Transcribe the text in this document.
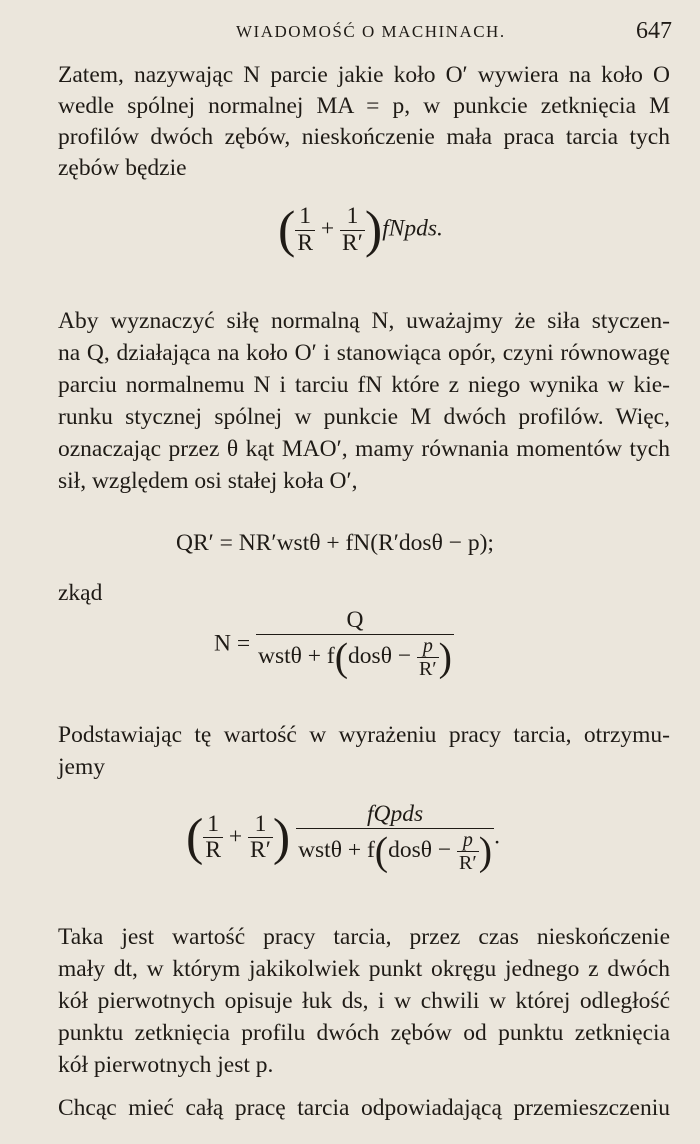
WIADOMOŚĆ O MACHINACH.	647

Zatem, nazywając N parcie jakie koło O′ wywiera na koło O

wedle spólnej normalnej MA = p, w punkcie zetknięcia M

profilów dwóch zębów, nieskończenie mała praca tarcia tych

zębów będzie

( $\frac{1}{R} + \frac{1}{R'}$ )fNpds.

Aby wyznaczyć siłę normalną N, uważajmy że siła styczen-

na Q, działająca na koło O′ i stanowiąca opór, czyni równowagę

parciu normalnemu N i tarciu fN które z niego wynika w kie-

runku stycznej spólnej w punkcie M dwóch profilów. Więc,

oznaczając przez θ kąt MAO′, mamy równania momentów tych

sił, względem osi stałej koła O′,

QR′ = NR′wstθ + fN(R′dosθ − p);
zkąd
$N = \frac{Q}{wst\theta + f(dos\theta - \frac{p}{R'} )}$

Podstawiając tę wartość w wyrażeniu pracy tarcia, otrzymu-

jemy

( $\frac{1}{R} + \frac{1}{R'}$ ) $\frac{\text{fQpds}}{wst\theta + f(dos\theta - \frac{p}{R'} )}$ .

Taka jest wartość pracy tarcia, przez czas nieskończenie

mały dt, w którym jakikolwiek punkt okręgu jednego z dwóch

kół pierwotnych opisuje łuk ds, i w chwili w której odległość

punktu zetknięcia profilu dwóch zębów od punktu zetknięcia

kół pierwotnych jest p.

Chcąc mieć całą pracę tarcia odpowiadającą przemieszczeniu
